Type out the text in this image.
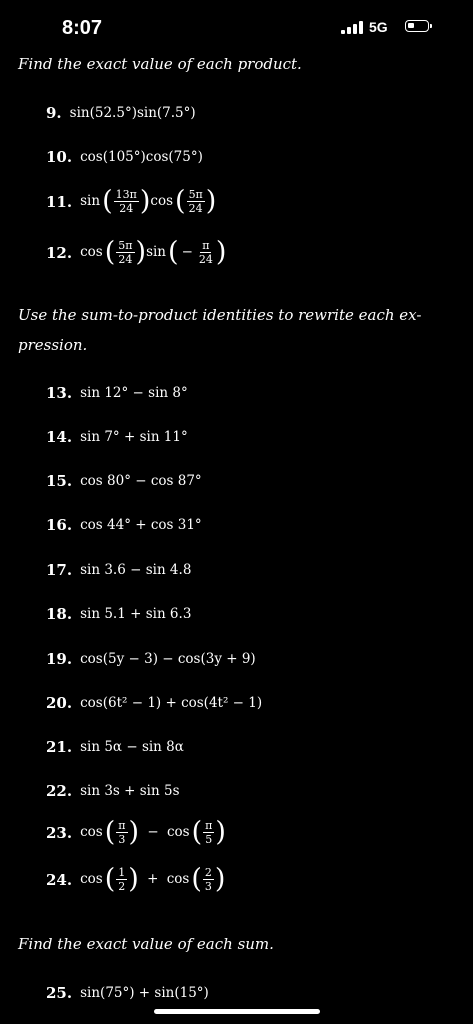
8:07	5G
Find the exact value of each product.
9. sin(52.5°)sin(7.5°)
10. cos(105°)cos(75°)
11. $\sin( \frac{13\pi}{24} )\cos( \frac{5\pi}{24}$ )
12. $\cos( \frac{5\pi}{24} )\sin( - \frac{\pi}{24}$ )
Use the sum-to-product identities to rewrite each ex-
pression.
13. sin 12° − sin 8°
14. sin 7° + sin 11°
15. cos 80° − cos 87°
16. cos 44° + cos 31°
17. sin 3.6 − sin 4.8
18. sin 5.1 + sin 6.3
19. cos(5y − 3) − cos(3y + 9)
20. cos(6t² − 1) + cos(4t² − 1)
21. sin 5α − sin 8α
22. sin 3s + sin 5s
23. $\cos( \frac{\pi}{3}$ ) − $\cos( \frac{\pi}{5}$ )
24. $\cos( \frac{1}{2}$ ) + $\cos( \frac{2}{3}$ )
Find the exact value of each sum.
25. sin(75°) + sin(15°)
